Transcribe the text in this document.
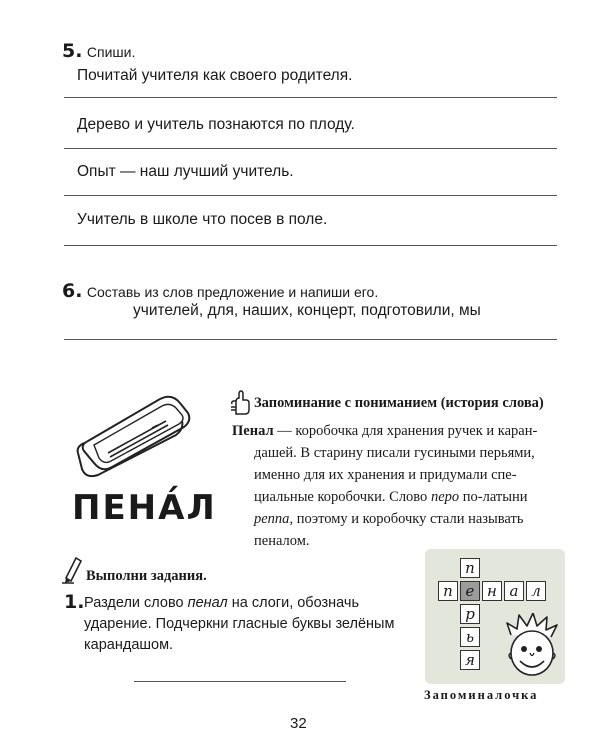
5. Спиши.
Почитай учителя как своего родителя.
Дерево и учитель познаются по плоду.
Опыт — наш лучший учитель.
Учитель в школе что посев в поле.
6. Составь из слов предложение и напиши его.
учителей, для, наших, концерт, подготовили, мы
ПЕНА́Л
Запоминание с пониманием (история слова)
Пенал — коробочка для хранения ручек и каран-
дашей. В старину писали гусиными перьями,
именно для их хранения и придумали спе-
циальные коробочки. Слово перо по-латыни
penna, поэтому и коробочку стали называть
пеналом.
Выполни задания.
1. Раздели слово пенал на слоги, обозначь ударение. Подчеркни гласные буквы зелёным карандашом.
п
п е н а л
р
ь
я
Запоминалочка
32
